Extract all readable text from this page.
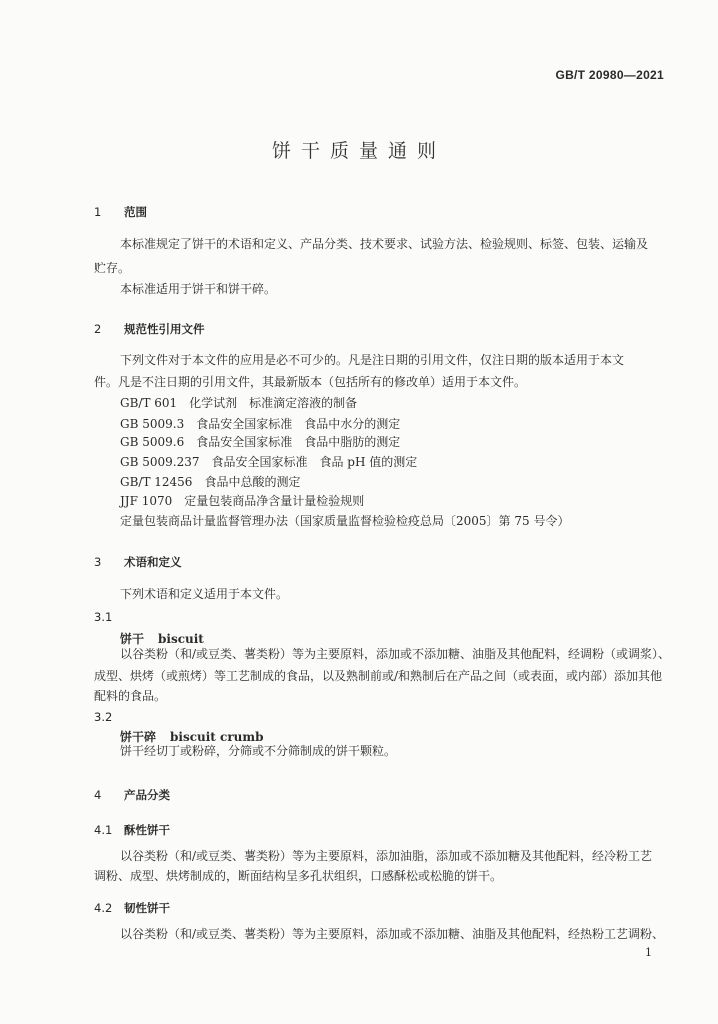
GB/T 20980—2021
饼干质量通则
1 范围
本标准规定了饼干的术语和定义、产品分类、技术要求、试验方法、检验规则、标签、包装、运输及
贮存。
本标准适用于饼干和饼干碎。
2 规范性引用文件
下列文件对于本文件的应用是必不可少的。凡是注日期的引用文件，仅注日期的版本适用于本文
件。凡是不注日期的引用文件，其最新版本（包括所有的修改单）适用于本文件。
GB/T 601　化学试剂　标准滴定溶液的制备
GB 5009.3　食品安全国家标准　食品中水分的测定
GB 5009.6　食品安全国家标准　食品中脂肪的测定
GB 5009.237　食品安全国家标准　食品 pH 值的测定
GB/T 12456　食品中总酸的测定
JJF 1070　定量包装商品净含量计量检验规则
定量包装商品计量监督管理办法（国家质量监督检验检疫总局〔2005〕第 75 号令）
3 术语和定义
下列术语和定义适用于本文件。
3.1
饼干 biscuit
以谷类粉（和/或豆类、薯类粉）等为主要原料，添加或不添加糖、油脂及其他配料，经调粉（或调浆）、
成型、烘烤（或煎烤）等工艺制成的食品，以及熟制前或/和熟制后在产品之间（或表面，或内部）添加其他
配料的食品。
3.2
饼干碎 biscuit crumb
饼干经切丁或粉碎，分筛或不分筛制成的饼干颗粒。
4 产品分类
4.1 酥性饼干
以谷类粉（和/或豆类、薯类粉）等为主要原料，添加油脂，添加或不添加糖及其他配料，经冷粉工艺
调粉、成型、烘烤制成的，断面结构呈多孔状组织，口感酥松或松脆的饼干。
4.2 韧性饼干
以谷类粉（和/或豆类、薯类粉）等为主要原料，添加或不添加糖、油脂及其他配料，经热粉工艺调粉、
1
